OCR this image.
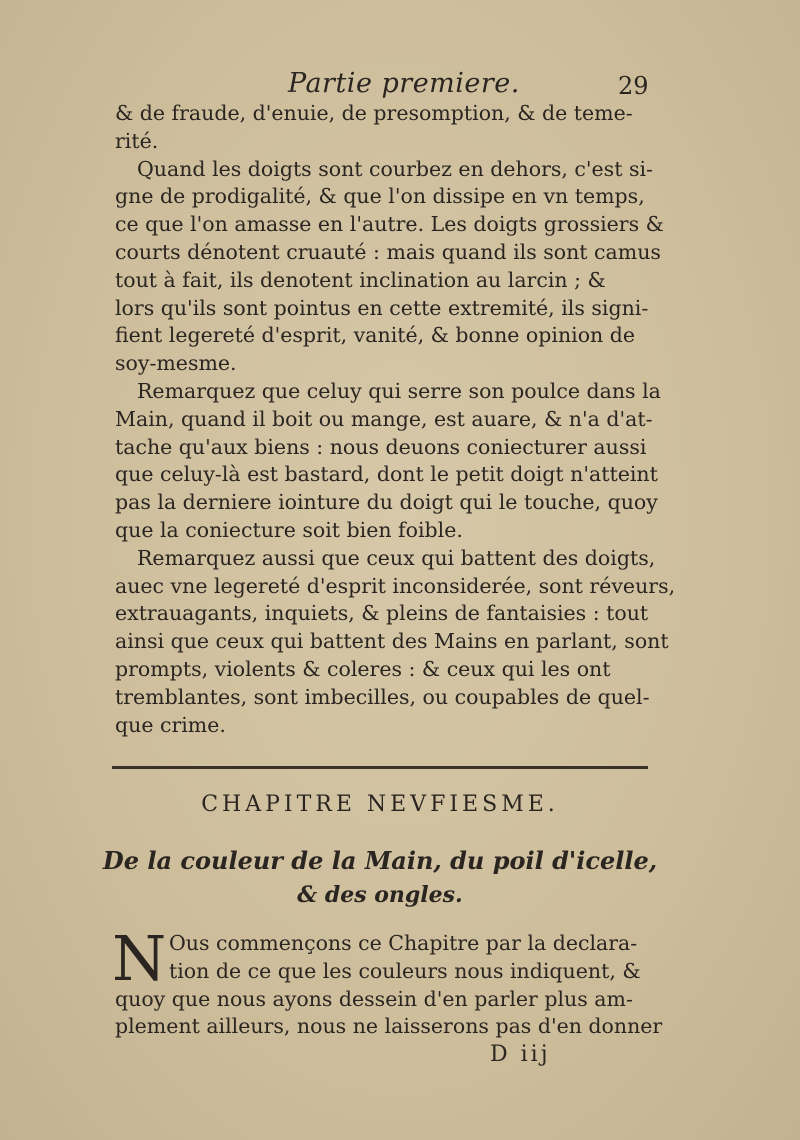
Partie premiere.	29
& de fraude, d'enuie, de presomption, & de teme-
rité.
Quand les doigts sont courbez en dehors, c'est si-
gne de prodigalité, & que l'on dissipe en vn temps,
ce que l'on amasse en l'autre. Les doigts grossiers &
courts dénotent cruauté : mais quand ils sont camus
tout à fait, ils denotent inclination au larcin ; &
lors qu'ils sont pointus en cette extremité, ils signi-
fient legereté d'esprit, vanité, & bonne opinion de
soy-mesme.
Remarquez que celuy qui serre son poulce dans la
Main, quand il boit ou mange, est auare, & n'a d'at-
tache qu'aux biens : nous deuons coniecturer aussi
que celuy-là est bastard, dont le petit doigt n'atteint
pas la derniere iointure du doigt qui le touche, quoy
que la coniecture soit bien foible.
Remarquez aussi que ceux qui battent des doigts,
auec vne legereté d'esprit inconsiderée, sont réveurs,
extrauagants, inquiets, & pleins de fantaisies : tout
ainsi que ceux qui battent des Mains en parlant, sont
prompts, violents & coleres : & ceux qui les ont
tremblantes, sont imbecilles, ou coupables de quel-
que crime.
CHAPITRE NEVFIESME.
De la couleur de la Main, du poil d'icelle,
& des ongles.
N Ous commençons ce Chapitre par la declara-
tion de ce que les couleurs nous indiquent, &
quoy que nous ayons dessein d'en parler plus am-
plement ailleurs, nous ne laisserons pas d'en donner
D iij
